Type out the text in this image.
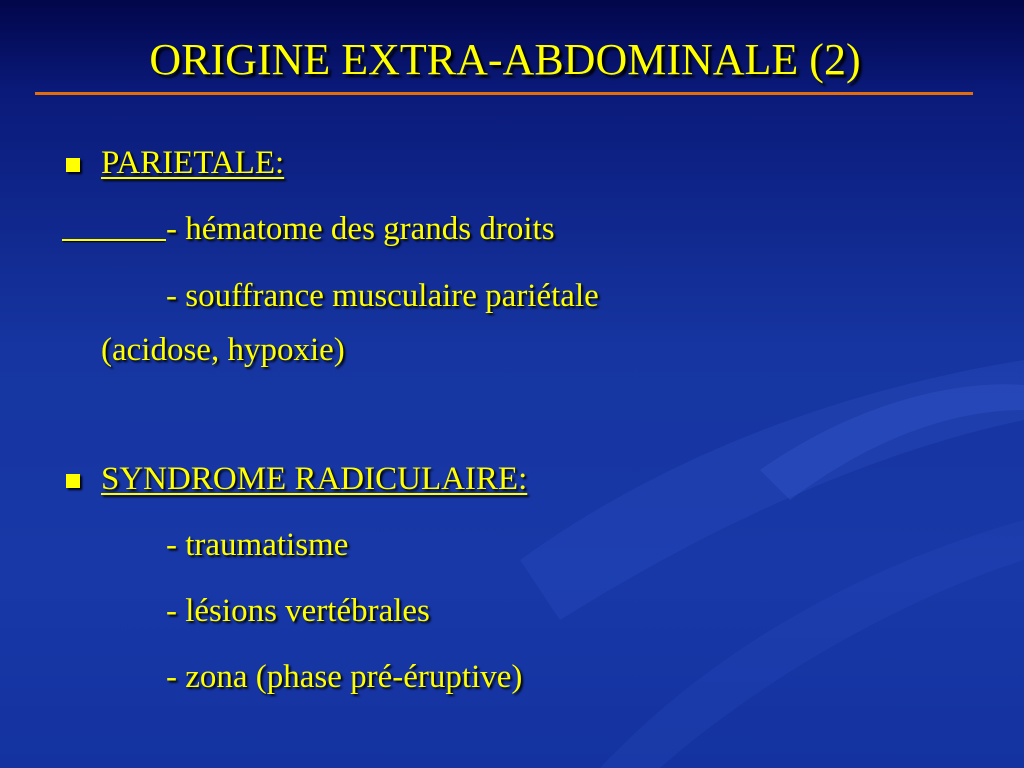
ORIGINE EXTRA-ABDOMINALE (2)
PARIETALE:
- hématome des grands droits
- souffrance musculaire pariétale
(acidose, hypoxie)
SYNDROME RADICULAIRE:
- traumatisme
- lésions vertébrales
- zona (phase pré-éruptive)
